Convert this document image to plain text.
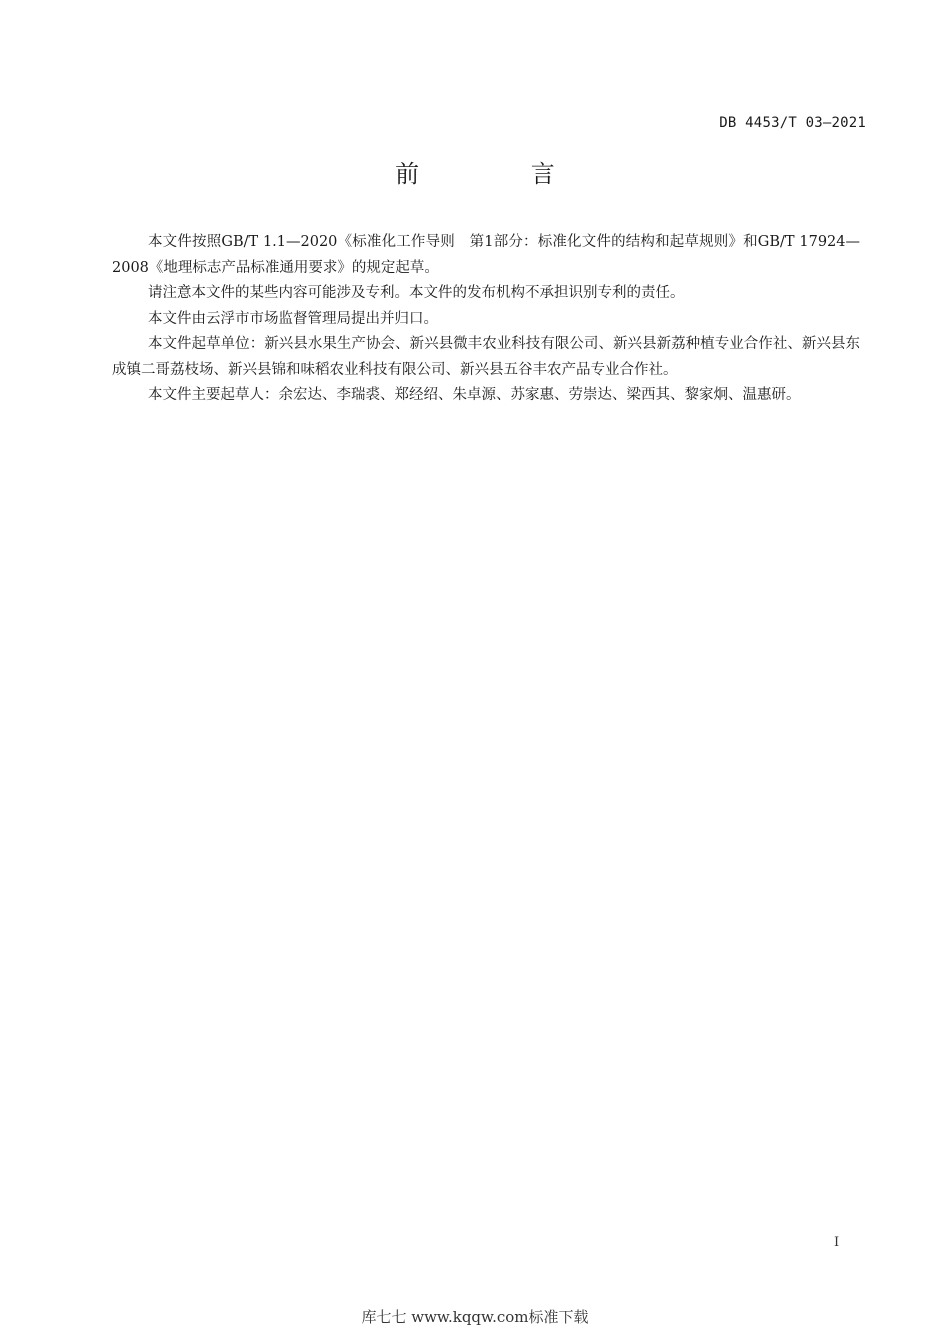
DB 4453/T 03—2021
前 言

本文件按照GB/T 1.1—2020《标准化工作导则　第1部分：标准化文件的结构和起草规则》和GB/T 17924—2008《地理标志产品标准通用要求》的规定起草。

请注意本文件的某些内容可能涉及专利。本文件的发布机构不承担识别专利的责任。

本文件由云浮市市场监督管理局提出并归口。

本文件起草单位：新兴县水果生产协会、新兴县微丰农业科技有限公司、新兴县新荔种植专业合作社、新兴县东成镇二哥荔枝场、新兴县锦和味稻农业科技有限公司、新兴县五谷丰农产品专业合作社。

本文件主要起草人：余宏达、李瑞裘、郑经绍、朱卓源、苏家惠、劳崇达、梁西其、黎家炯、温惠研。

I
库七七 www.kqqw.com标准下载
